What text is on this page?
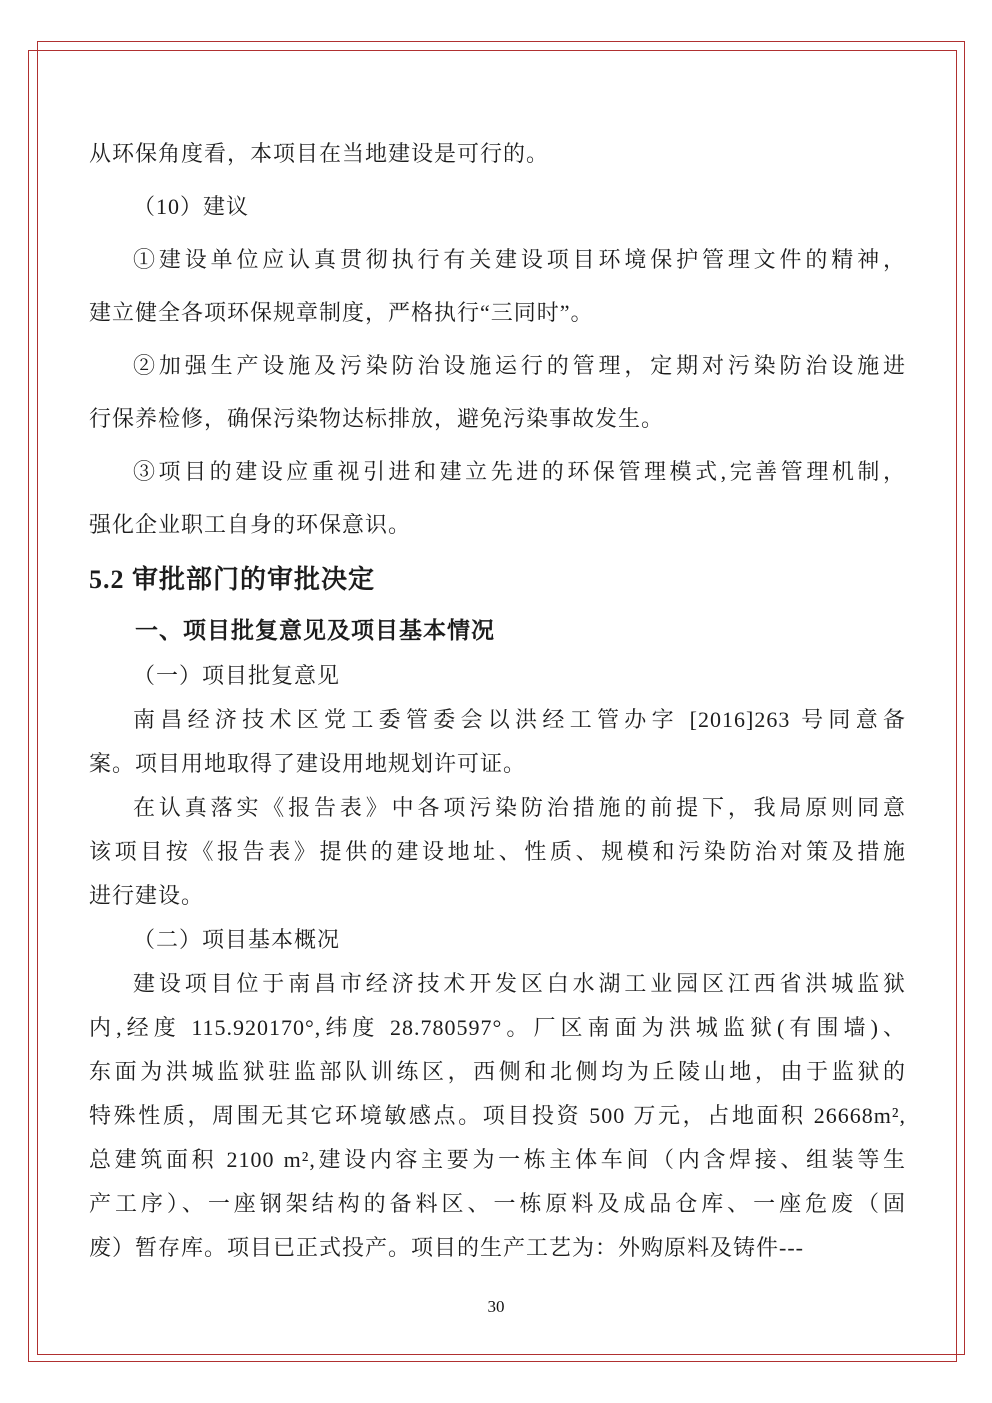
从环保角度看，本项目在当地建设是可行的。
（10）建议
①建设单位应认真贯彻执行有关建设项目环境保护管理文件的精神，
建立健全各项环保规章制度，严格执行“三同时”。
②加强生产设施及污染防治设施运行的管理，定期对污染防治设施进
行保养检修，确保污染物达标排放，避免污染事故发生。
③项目的建设应重视引进和建立先进的环保管理模式,完善管理机制，
强化企业职工自身的环保意识。
5.2 审批部门的审批决定
一、项目批复意见及项目基本情况
（一）项目批复意见
南昌经济技术区党工委管委会以洪经工管办字 [2016]263 号同意备
案。项目用地取得了建设用地规划许可证。
在认真落实《报告表》中各项污染防治措施的前提下，我局原则同意
该项目按《报告表》提供的建设地址、性质、规模和污染防治对策及措施
进行建设。
（二）项目基本概况
建设项目位于南昌市经济技术开发区白水湖工业园区江西省洪城监狱
内,经度 115.920170°,纬度 28.780597°。厂区南面为洪城监狱(有围墙)、
东面为洪城监狱驻监部队训练区，西侧和北侧均为丘陵山地，由于监狱的
特殊性质，周围无其它环境敏感点。项目投资 500 万元，占地面积 26668m²,
总建筑面积 2100 m²,建设内容主要为一栋主体车间（内含焊接、组装等生
产工序）、一座钢架结构的备料区、一栋原料及成品仓库、一座危废（固
废）暂存库。项目已正式投产。项目的生产工艺为：外购原料及铸件---
30
